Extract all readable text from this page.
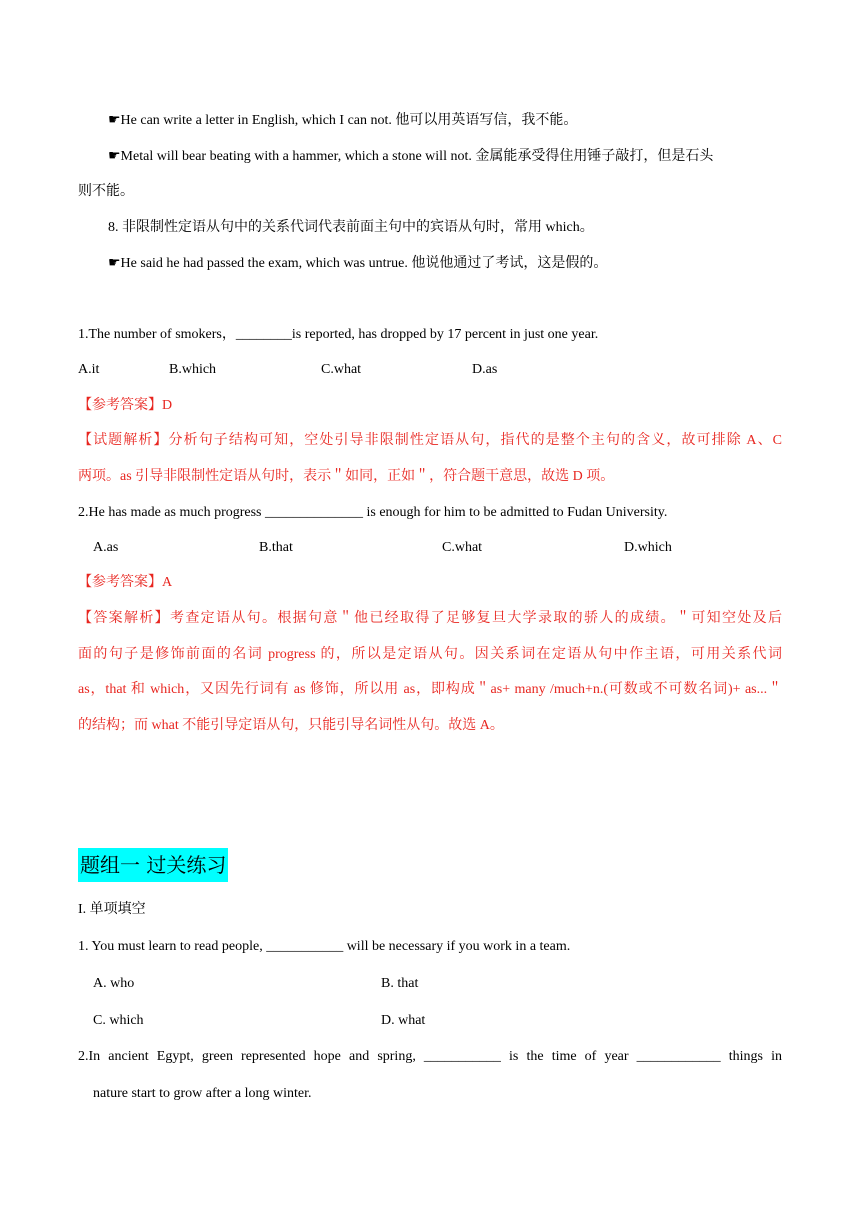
☛He can write a letter in English, which I can not. 他可以用英语写信，我不能。
☛Metal will bear beating with a hammer, which a stone will not. 金属能承受得住用锤子敲打，但是石头
则不能。
8. 非限制性定语从句中的关系代词代表前面主句中的宾语从句时，常用 which。
☛He said he had passed the exam, which was untrue. 他说他通过了考试，这是假的。
1.The number of smokers，________is reported, has dropped by 17 percent in just one year.
A.it	B.which	C.what	D.as
【参考答案】D
【试题解析】分析句子结构可知，空处引导非限制性定语从句，指代的是整个主句的含义，故可排除 A、C
两项。as 引导非限制性定语从句时，表示＂如同，正如＂，符合题干意思，故选 D 项。
2.He has made as much progress ______________ is enough for him to be admitted to Fudan University.
A.as	B.that	C.what	D.which
【参考答案】A
【答案解析】考查定语从句。根据句意＂他已经取得了足够复旦大学录取的骄人的成绩。＂可知空处及后
面的句子是修饰前面的名词 progress 的，所以是定语从句。因关系词在定语从句中作主语，可用关系代词
as，that 和 which，又因先行词有 as 修饰，所以用 as，即构成＂as+ many /much+n.(可数或不可数名词)+ as...＂
的结构；而 what 不能引导定语从句，只能引导名词性从句。故选 A。
题组一 过关练习
I. 单项填空
1. You must learn to read people, ___________ will be necessary if you work in a team.
A. who	B. that
C. which	D. what
2.In ancient Egypt, green represented hope and spring, ___________ is the time of year ____________ things in
nature start to grow after a long winter.
